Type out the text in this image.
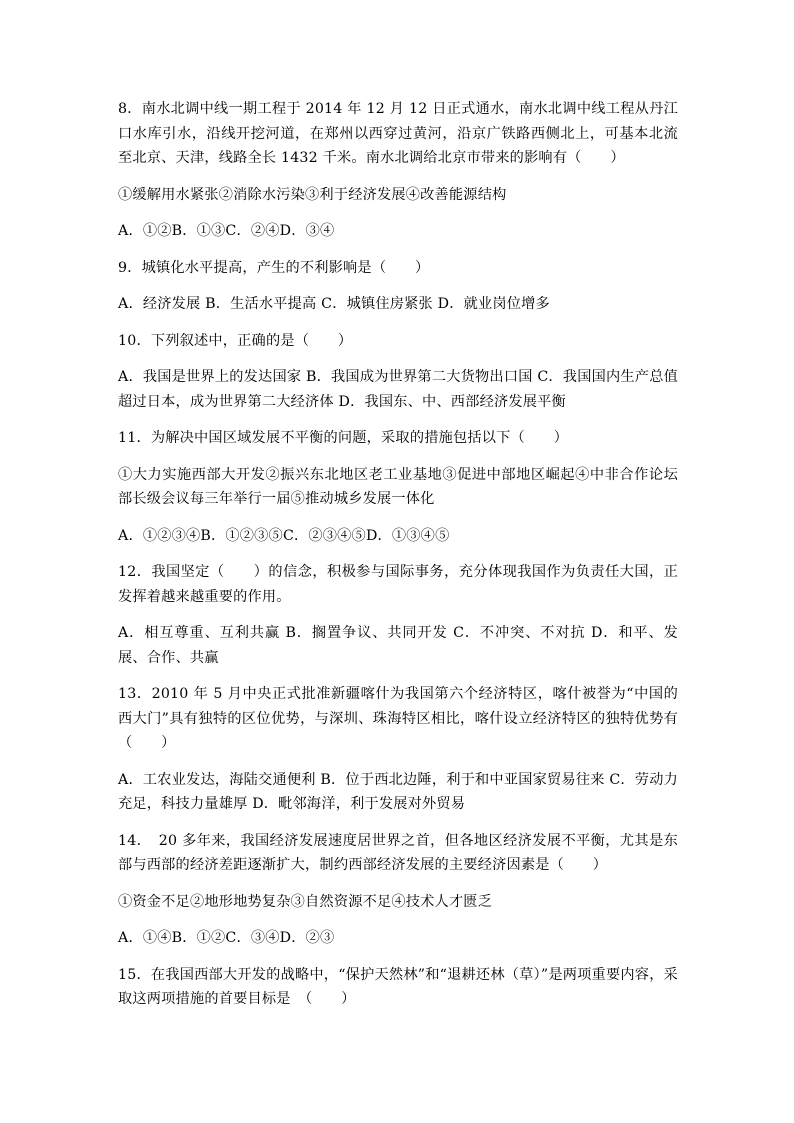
8．南水北调中线一期工程于 2014 年 12 月 12 日正式通水，南水北调中线工程从丹江口水库引水，沿线开挖河道，在郑州以西穿过黄河，沿京广铁路西侧北上，可基本北流至北京、天津，线路全长 1432 千米。南水北调给北京市带来的影响有（　　）

①缓解用水紧张②消除水污染③利于经济发展④改善能源结构

A．①②B．①③C．②④D．③④

9．城镇化水平提高，产生的不利影响是（　　）

A．经济发展 B．生活水平提高 C．城镇住房紧张 D．就业岗位增多

10．下列叙述中，正确的是（　　）

A．我国是世界上的发达国家 B．我国成为世界第二大货物出口国 C．我国国内生产总值超过日本，成为世界第二大经济体 D．我国东、中、西部经济发展平衡

11．为解决中国区域发展不平衡的问题，采取的措施包括以下（　　）

①大力实施西部大开发②振兴东北地区老工业基地③促进中部地区崛起④中非合作论坛部长级会议每三年举行一届⑤推动城乡发展一体化

A．①②③④B．①②③⑤C．②③④⑤D．①③④⑤

12．我国坚定（　　）的信念，积极参与国际事务，充分体现我国作为负责任大国，正发挥着越来越重要的作用。

A．相互尊重、互利共赢 B．搁置争议、共同开发 C．不冲突、不对抗 D．和平、发展、合作、共赢

13．2010 年 5 月中央正式批准新疆喀什为我国第六个经济特区，喀什被誉为“中国的西大门”具有独特的区位优势，与深圳、珠海特区相比，喀什设立经济特区的独特优势有（　　）

A．工农业发达，海陆交通便利 B．位于西北边陲，利于和中亚国家贸易往来 C．劳动力充足，科技力量雄厚 D．毗邻海洋，利于发展对外贸易

14．　20 多年来，我国经济发展速度居世界之首，但各地区经济发展不平衡，尤其是东部与西部的经济差距逐渐扩大，制约西部经济发展的主要经济因素是（　　）

①资金不足②地形地势复杂③自然资源不足④技术人才匮乏

A．①④B．①②C．③④D．②③

15．在我国西部大开发的战略中，“保护天然林”和“退耕还林（草）”是两项重要内容，采取这两项措施的首要目标是　（　　）
